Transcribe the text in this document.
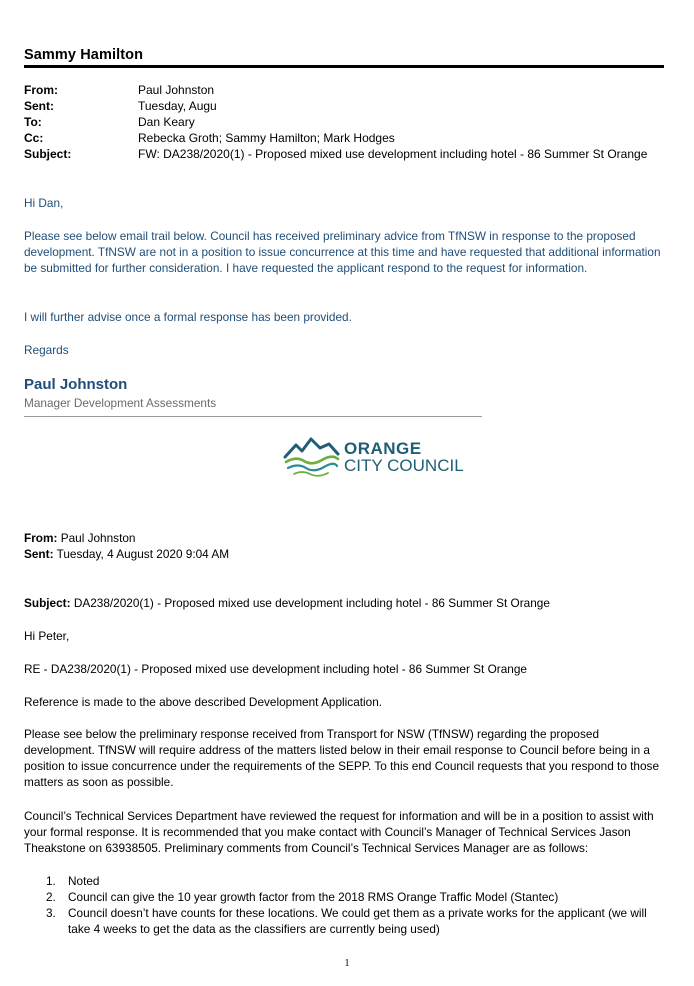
Sammy Hamilton
From:	Paul Johnston
Sent:	Tuesday, Augu
To:	Dan Keary
Cc:	Rebecka Groth; Sammy Hamilton; Mark Hodges
Subject:	FW: DA238/2020(1) - Proposed mixed use development including hotel - 86 Summer St Orange
Hi Dan,
Please see below email trail below. Council has received preliminary advice from TfNSW in response to the proposed development. TfNSW are not in a position to issue concurrence at this time and have requested that additional information be submitted for further consideration. I have requested the applicant respond to the request for information.
I will further advise once a formal response has been provided.
Regards
Paul Johnston
Manager Development Assessments
ORANGE
CITY COUNCIL
From: Paul Johnston
Sent: Tuesday, 4 August 2020 9:04 AM
Subject: DA238/2020(1) - Proposed mixed use development including hotel - 86 Summer St Orange
Hi Peter,
RE - DA238/2020(1) - Proposed mixed use development including hotel - 86 Summer St Orange
Reference is made to the above described Development Application.
Please see below the preliminary response received from Transport for NSW (TfNSW) regarding the proposed development. TfNSW will require address of the matters listed below in their email response to Council before being in a position to issue concurrence under the requirements of the SEPP. To this end Council requests that you respond to those matters as soon as possible.
Council’s Technical Services Department have reviewed the request for information and will be in a position to assist with your formal response. It is recommended that you make contact with Council’s Manager of Technical Services Jason Theakstone on 63938505. Preliminary comments from Council’s Technical Services Manager are as follows:
1. Noted
2. Council can give the 10 year growth factor from the 2018 RMS Orange Traffic Model (Stantec)
3. Council doesn’t have counts for these locations. We could get them as a private works for the applicant (we will take 4 weeks to get the data as the classifiers are currently being used)
1
